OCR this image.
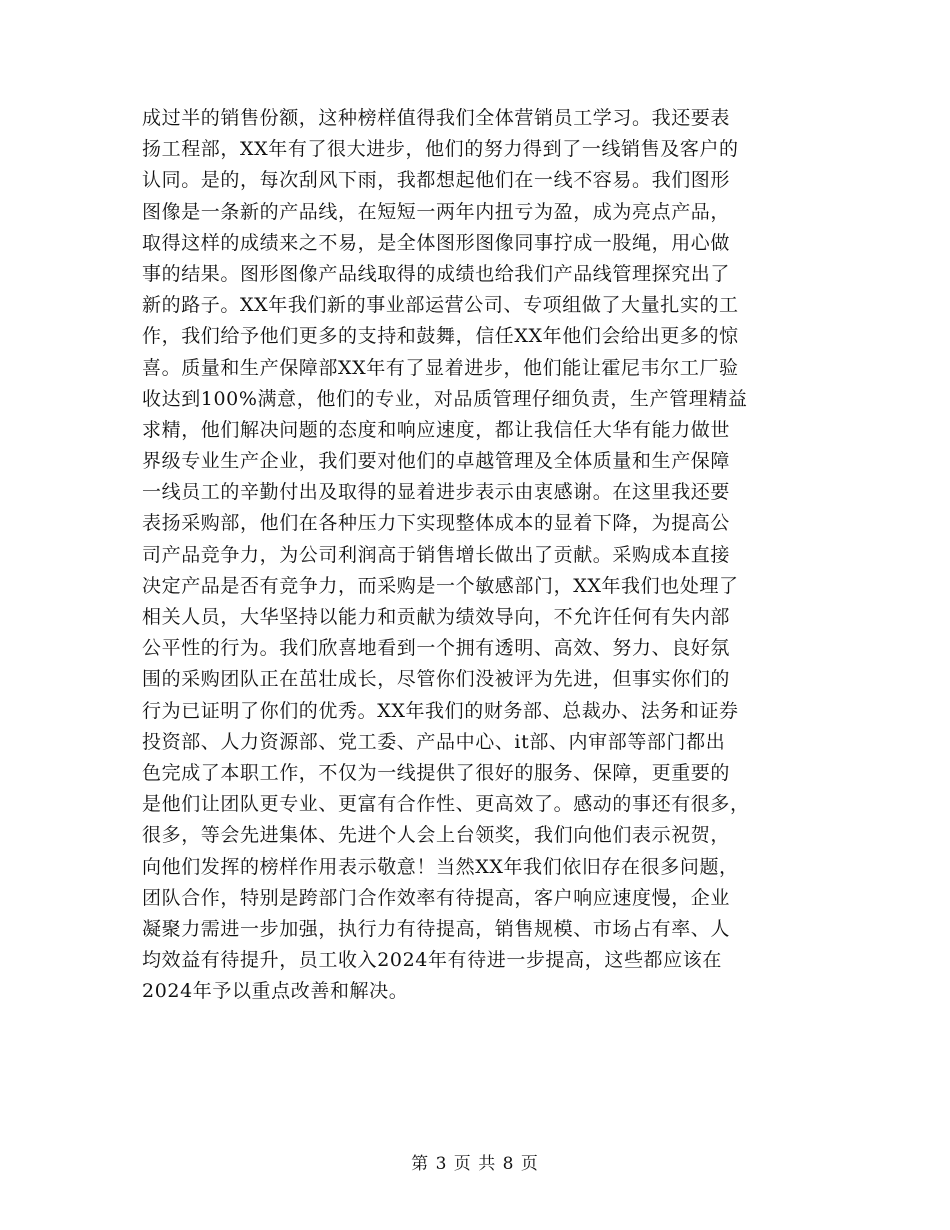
成过半的销售份额，这种榜样值得我们全体营销员工学习。我还要表
扬工程部，XX年有了很大进步，他们的努力得到了一线销售及客户的
认同。是的，每次刮风下雨，我都想起他们在一线不容易。我们图形
图像是一条新的产品线，在短短一两年内扭亏为盈，成为亮点产品，
取得这样的成绩来之不易，是全体图形图像同事拧成一股绳，用心做
事的结果。图形图像产品线取得的成绩也给我们产品线管理探究出了
新的路子。XX年我们新的事业部运营公司、专项组做了大量扎实的工
作，我们给予他们更多的支持和鼓舞，信任XX年他们会给出更多的惊
喜。质量和生产保障部XX年有了显着进步，他们能让霍尼韦尔工厂验
收达到100%满意，他们的专业，对品质管理仔细负责，生产管理精益
求精，他们解决问题的态度和响应速度，都让我信任大华有能力做世
界级专业生产企业，我们要对他们的卓越管理及全体质量和生产保障
一线员工的辛勤付出及取得的显着进步表示由衷感谢。在这里我还要
表扬采购部，他们在各种压力下实现整体成本的显着下降，为提高公
司产品竞争力，为公司利润高于销售增长做出了贡献。采购成本直接
决定产品是否有竞争力，而采购是一个敏感部门，XX年我们也处理了
相关人员，大华坚持以能力和贡献为绩效导向，不允许任何有失内部
公平性的行为。我们欣喜地看到一个拥有透明、高效、努力、良好氛
围的采购团队正在茁壮成长，尽管你们没被评为先进，但事实你们的
行为已证明了你们的优秀。XX年我们的财务部、总裁办、法务和证券
投资部、人力资源部、党工委、产品中心、it部、内审部等部门都出
色完成了本职工作，不仅为一线提供了很好的服务、保障，更重要的
是他们让团队更专业、更富有合作性、更高效了。感动的事还有很多，
很多，等会先进集体、先进个人会上台领奖，我们向他们表示祝贺，
向他们发挥的榜样作用表示敬意！当然XX年我们依旧存在很多问题，
团队合作，特别是跨部门合作效率有待提高，客户响应速度慢，企业
凝聚力需进一步加强，执行力有待提高，销售规模、市场占有率、人
均效益有待提升，员工收入2024年有待进一步提高，这些都应该在
2024年予以重点改善和解决。
第 3 页 共 8 页
